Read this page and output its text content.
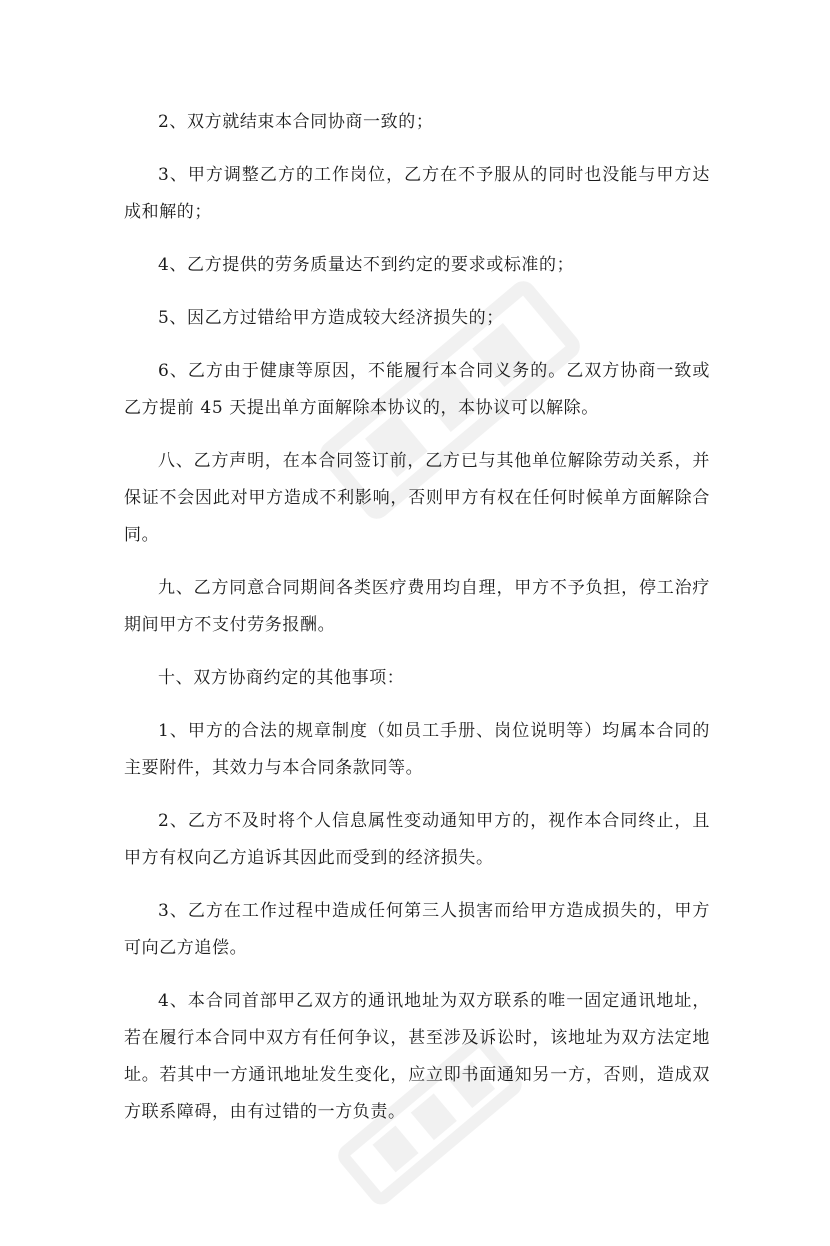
2、双方就结束本合同协商一致的；

3、甲方调整乙方的工作岗位，乙方在不予服从的同时也没能与甲方达成和解的；

4、乙方提供的劳务质量达不到约定的要求或标准的；

5、因乙方过错给甲方造成较大经济损失的；

6、乙方由于健康等原因，不能履行本合同义务的。乙双方协商一致或乙方提前 45 天提出单方面解除本协议的，本协议可以解除。

八、乙方声明，在本合同签订前，乙方已与其他单位解除劳动关系，并保证不会因此对甲方造成不利影响，否则甲方有权在任何时候单方面解除合同。

九、乙方同意合同期间各类医疗费用均自理，甲方不予负担，停工治疗期间甲方不支付劳务报酬。

十、双方协商约定的其他事项：

1、甲方的合法的规章制度（如员工手册、岗位说明等）均属本合同的主要附件，其效力与本合同条款同等。

2、乙方不及时将个人信息属性变动通知甲方的，视作本合同终止，且甲方有权向乙方追诉其因此而受到的经济损失。

3、乙方在工作过程中造成任何第三人损害而给甲方造成损失的，甲方可向乙方追偿。

4、本合同首部甲乙双方的通讯地址为双方联系的唯一固定通讯地址，若在履行本合同中双方有任何争议，甚至涉及诉讼时，该地址为双方法定地址。若其中一方通讯地址发生变化，应立即书面通知另一方，否则，造成双方联系障碍，由有过错的一方负责。
